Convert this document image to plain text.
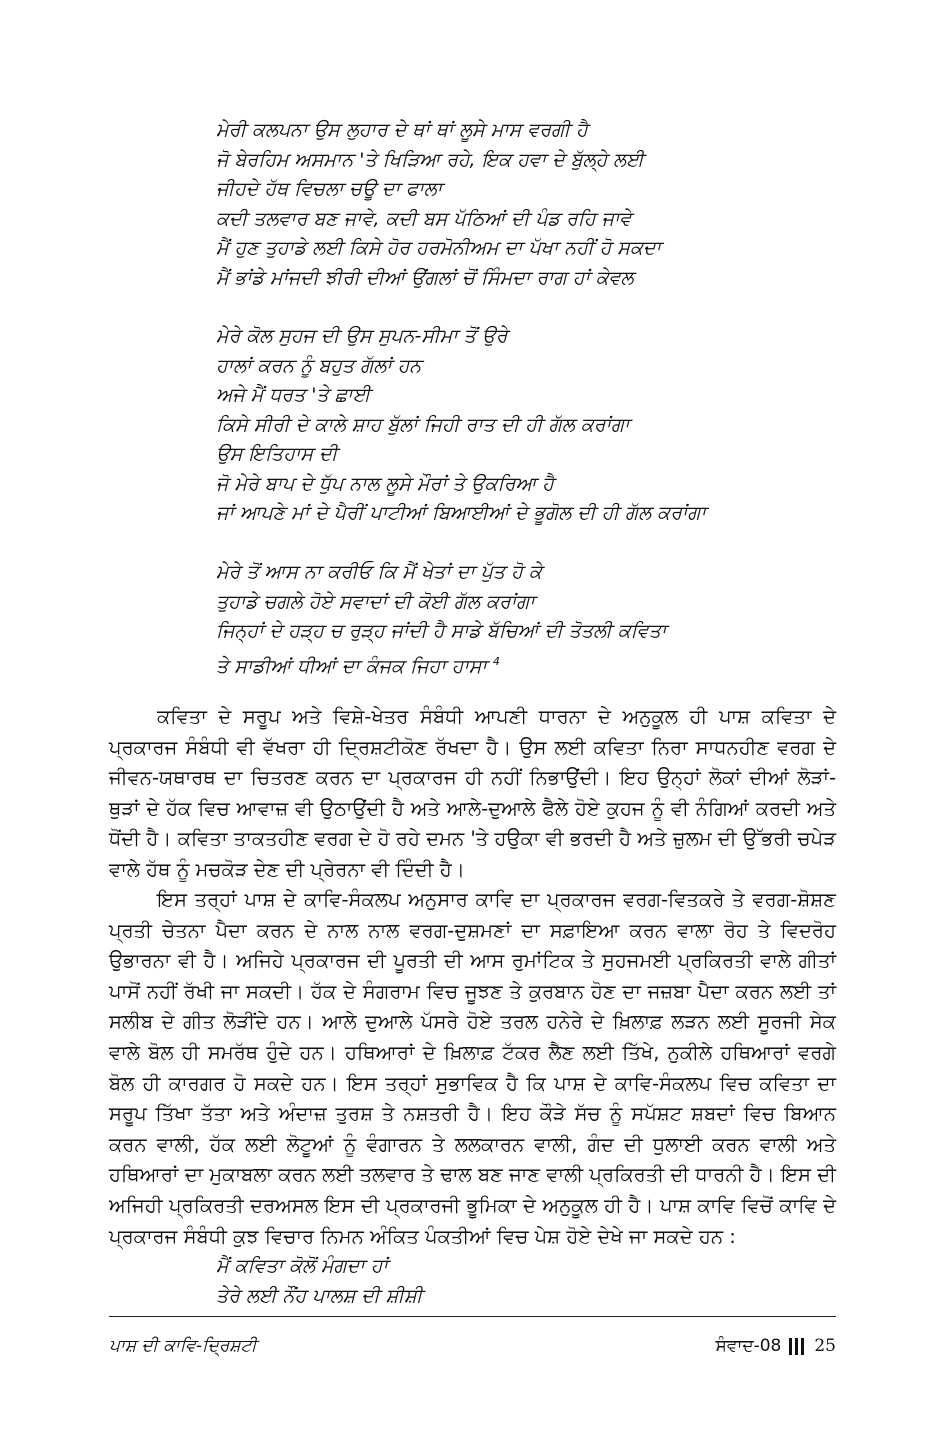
ਮੇਰੀ ਕਲਪਨਾ ਉਸ ਲੁਹਾਰ ਦੇ ਥਾਂ ਥਾਂ ਲੂਸੇ ਮਾਸ ਵਰਗੀ ਹੈ
ਜੋ ਬੇਰਹਿਮ ਅਸਮਾਨ 'ਤੇ ਖਿੜਿਆ ਰਹੇ, ਇਕ ਹਵਾ ਦੇ ਬੁੱਲ੍ਹੇ ਲਈ
ਜੀਹਦੇ ਹੱਥ ਵਿਚਲਾ ਚਊ ਦਾ ਫਾਲਾ
ਕਦੀ ਤਲਵਾਰ ਬਣ ਜਾਵੇ, ਕਦੀ ਬਸ ਪੱਠਿਆਂ ਦੀ ਪੰਡ ਰਹਿ ਜਾਵੇ
ਮੈਂ ਹੁਣ ਤੁਹਾਡੇ ਲਈ ਕਿਸੇ ਹੋਰ ਹਰਮੋਨੀਅਮ ਦਾ ਪੱਖਾ ਨਹੀਂ ਹੋ ਸਕਦਾ
ਮੈਂ ਭਾਂਡੇ ਮਾਂਜਦੀ ਝੀਰੀ ਦੀਆਂ ਉਂਗਲਾਂ ਚੋਂ ਸਿੰਮਦਾ ਰਾਗ ਹਾਂ ਕੇਵਲ
ਮੇਰੇ ਕੋਲ ਸੁਹਜ ਦੀ ਉਸ ਸੁਪਨ-ਸੀਮਾ ਤੋਂ ਉਰੇ
ਹਾਲਾਂ ਕਰਨ ਨੂੰ ਬਹੁਤ ਗੱਲਾਂ ਹਨ
ਅਜੇ ਮੈਂ ਧਰਤ 'ਤੇ ਛਾਈ
ਕਿਸੇ ਸੀਰੀ ਦੇ ਕਾਲੇ ਸ਼ਾਹ ਬੁੱਲਾਂ ਜਿਹੀ ਰਾਤ ਦੀ ਹੀ ਗੱਲ ਕਰਾਂਗਾ
ਉਸ ਇਤਿਹਾਸ ਦੀ
ਜੋ ਮੇਰੇ ਬਾਪ ਦੇ ਧੁੱਪ ਨਾਲ ਲੂਸੇ ਮੌਰਾਂ ਤੇ ਉਕਰਿਆ ਹੈ
ਜਾਂ ਆਪਣੇ ਮਾਂ ਦੇ ਪੈਰੀਂ ਪਾਟੀਆਂ ਬਿਆਈਆਂ ਦੇ ਭੂਗੋਲ ਦੀ ਹੀ ਗੱਲ ਕਰਾਂਗਾ
ਮੇਰੇ ਤੋਂ ਆਸ ਨਾ ਕਰੀਓ ਕਿ ਮੈਂ ਖੇਤਾਂ ਦਾ ਪੁੱਤ ਹੋ ਕੇ
ਤੁਹਾਡੇ ਚਗਲੇ ਹੋਏ ਸਵਾਦਾਂ ਦੀ ਕੋਈ ਗੱਲ ਕਰਾਂਗਾ
ਜਿਨ੍ਹਾਂ ਦੇ ਹੜ੍ਹ ਚ ਰੁੜ੍ਹ ਜਾਂਦੀ ਹੈ ਸਾਡੇ ਬੱਚਿਆਂ ਦੀ ਤੋਤਲੀ ਕਵਿਤਾ
ਤੇ ਸਾਡੀਆਂ ਧੀਆਂ ਦਾ ਕੰਜਕ ਜਿਹਾ ਹਾਸਾ $^4$

ਕਵਿਤਾ ਦੇ ਸਰੂਪ ਅਤੇ ਵਿਸ਼ੇ-ਖੇਤਰ ਸੰਬੰਧੀ ਆਪਣੀ ਧਾਰਨਾ ਦੇ ਅਨੁਕੂਲ ਹੀ ਪਾਸ਼ ਕਵਿਤਾ ਦੇ ਪ੍ਰਕਾਰਜ ਸੰਬੰਧੀ ਵੀ ਵੱਖਰਾ ਹੀ ਦ੍ਰਿਸ਼ਟੀਕੋਣ ਰੱਖਦਾ ਹੈ। ਉਸ ਲਈ ਕਵਿਤਾ ਨਿਰਾ ਸਾਧਨਹੀਣ ਵਰਗ ਦੇ ਜੀਵਨ-ਯਥਾਰਥ ਦਾ ਚਿਤਰਣ ਕਰਨ ਦਾ ਪ੍ਰਕਾਰਜ ਹੀ ਨਹੀਂ ਨਿਭਾਉਂਦੀ। ਇਹ ਉਨ੍ਹਾਂ ਲੋਕਾਂ ਦੀਆਂ ਲੋੜਾਂ-ਥੁੜਾਂ ਦੇ ਹੱਕ ਵਿਚ ਆਵਾਜ਼ ਵੀ ਉਠਾਉਂਦੀ ਹੈ ਅਤੇ ਆਲੇ-ਦੁਆਲੇ ਫੈਲੇ ਹੋਏ ਕੁਹਜ ਨੂੰ ਵੀ ਨੰਗਿਆਂ ਕਰਦੀ ਅਤੇ ਧੋਂਦੀ ਹੈ। ਕਵਿਤਾ ਤਾਕਤਹੀਣ ਵਰਗ ਦੇ ਹੋ ਰਹੇ ਦਮਨ 'ਤੇ ਹਉਕਾ ਵੀ ਭਰਦੀ ਹੈ ਅਤੇ ਜ਼ੁਲਮ ਦੀ ਉੱਭਰੀ ਚਪੇੜ ਵਾਲੇ ਹੱਥ ਨੂੰ ਮਚਕੋੜ ਦੇਣ ਦੀ ਪ੍ਰੇਰਨਾ ਵੀ ਦਿੰਦੀ ਹੈ।

ਇਸ ਤਰ੍ਹਾਂ ਪਾਸ਼ ਦੇ ਕਾਵਿ-ਸੰਕਲਪ ਅਨੁਸਾਰ ਕਾਵਿ ਦਾ ਪ੍ਰਕਾਰਜ ਵਰਗ-ਵਿਤਕਰੇ ਤੇ ਵਰਗ-ਸ਼ੋਸ਼ਣ ਪ੍ਰਤੀ ਚੇਤਨਾ ਪੈਦਾ ਕਰਨ ਦੇ ਨਾਲ ਨਾਲ ਵਰਗ-ਦੁਸ਼ਮਣਾਂ ਦਾ ਸਫ਼ਾਇਆ ਕਰਨ ਵਾਲਾ ਰੋਹ ਤੇ ਵਿਦਰੋਹ ਉਭਾਰਨਾ ਵੀ ਹੈ। ਅਜਿਹੇ ਪ੍ਰਕਾਰਜ ਦੀ ਪੂਰਤੀ ਦੀ ਆਸ ਰੁਮਾਂਟਿਕ ਤੇ ਸੁਹਜਮਈ ਪ੍ਰਕਿਰਤੀ ਵਾਲੇ ਗੀਤਾਂ ਪਾਸੋਂ ਨਹੀਂ ਰੱਖੀ ਜਾ ਸਕਦੀ। ਹੱਕ ਦੇ ਸੰਗਰਾਮ ਵਿਚ ਜੂਝਣ ਤੇ ਕੁਰਬਾਨ ਹੋਣ ਦਾ ਜਜ਼ਬਾ ਪੈਦਾ ਕਰਨ ਲਈ ਤਾਂ ਸਲੀਬ ਦੇ ਗੀਤ ਲੋੜੀਂਦੇ ਹਨ। ਆਲੇ ਦੁਆਲੇ ਪੱਸਰੇ ਹੋਏ ਤਰਲ ਹਨੇਰੇ ਦੇ ਖ਼ਿਲਾਫ਼ ਲੜਨ ਲਈ ਸੂਰਜੀ ਸੇਕ ਵਾਲੇ ਬੋਲ ਹੀ ਸਮਰੱਥ ਹੁੰਦੇ ਹਨ। ਹਥਿਆਰਾਂ ਦੇ ਖ਼ਿਲਾਫ਼ ਟੱਕਰ ਲੈਣ ਲਈ ਤਿੱਖੇ, ਨੁਕੀਲੇ ਹਥਿਆਰਾਂ ਵਰਗੇ ਬੋਲ ਹੀ ਕਾਰਗਰ ਹੋ ਸਕਦੇ ਹਨ। ਇਸ ਤਰ੍ਹਾਂ ਸੁਭਾਵਿਕ ਹੈ ਕਿ ਪਾਸ਼ ਦੇ ਕਾਵਿ-ਸੰਕਲਪ ਵਿਚ ਕਵਿਤਾ ਦਾ ਸਰੂਪ ਤਿੱਖਾ ਤੱਤਾ ਅਤੇ ਅੰਦਾਜ਼ ਤੁਰਸ਼ ਤੇ ਨਸ਼ਤਰੀ ਹੈ। ਇਹ ਕੌੜੇ ਸੱਚ ਨੂੰ ਸਪੱਸ਼ਟ ਸ਼ਬਦਾਂ ਵਿਚ ਬਿਆਨ ਕਰਨ ਵਾਲੀ, ਹੱਕ ਲਈ ਲੋਟੂਆਂ ਨੂੰ ਵੰਗਾਰਨ ਤੇ ਲਲਕਾਰਨ ਵਾਲੀ, ਗੰਦ ਦੀ ਧੁਲਾਈ ਕਰਨ ਵਾਲੀ ਅਤੇ ਹਥਿਆਰਾਂ ਦਾ ਮੁਕਾਬਲਾ ਕਰਨ ਲਈ ਤਲਵਾਰ ਤੇ ਢਾਲ ਬਣ ਜਾਣ ਵਾਲੀ ਪ੍ਰਕਿਰਤੀ ਦੀ ਧਾਰਨੀ ਹੈ। ਇਸ ਦੀ ਅਜਿਹੀ ਪ੍ਰਕਿਰਤੀ ਦਰਅਸਲ ਇਸ ਦੀ ਪ੍ਰਕਾਰਜੀ ਭੂਮਿਕਾ ਦੇ ਅਨੁਕੂਲ ਹੀ ਹੈ। ਪਾਸ਼ ਕਾਵਿ ਵਿਚੋਂ ਕਾਵਿ ਦੇ ਪ੍ਰਕਾਰਜ ਸੰਬੰਧੀ ਕੁਝ ਵਿਚਾਰ ਨਿਮਨ ਅੰਕਿਤ ਪੰਕਤੀਆਂ ਵਿਚ ਪੇਸ਼ ਹੋਏ ਦੇਖੇ ਜਾ ਸਕਦੇ ਹਨ :

ਮੈਂ ਕਵਿਤਾ ਕੋਲੋਂ ਮੰਗਦਾ ਹਾਂ
ਤੇਰੇ ਲਈ ਨੌਂਹ ਪਾਲਸ਼ ਦੀ ਸ਼ੀਸ਼ੀ
ਪਾਸ਼ ਦੀ ਕਾਵਿ-ਦ੍ਰਿਸ਼ਟੀ	ਸੰਵਾਦ-08 25
